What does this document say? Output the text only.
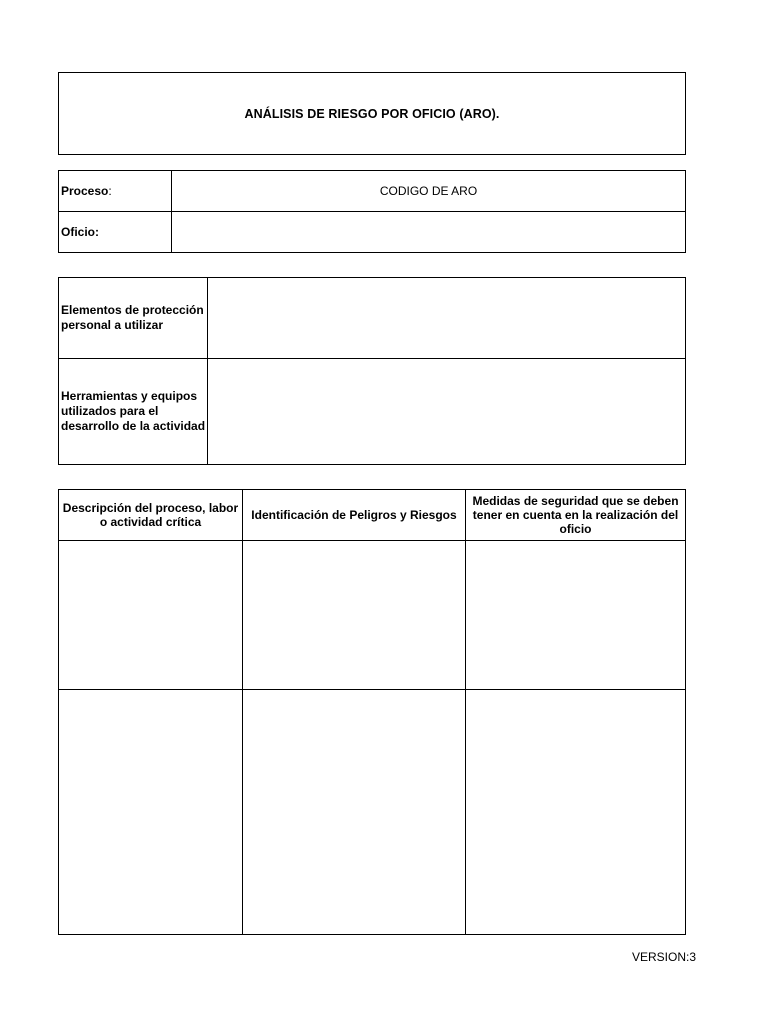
ANÁLISIS DE RIESGO POR OFICIO (ARO).
Proceso:	CODIGO DE ARO
Oficio:	
Elementos de protección personal a utilizar	
Herramientas y equipos utilizados para el desarrollo de la actividad	
Descripción del proceso, labor o actividad crítica	Identificación de Peligros y Riesgos	Medidas de seguridad que se deben tener en cuenta en la realización del oficio

VERSION:3
